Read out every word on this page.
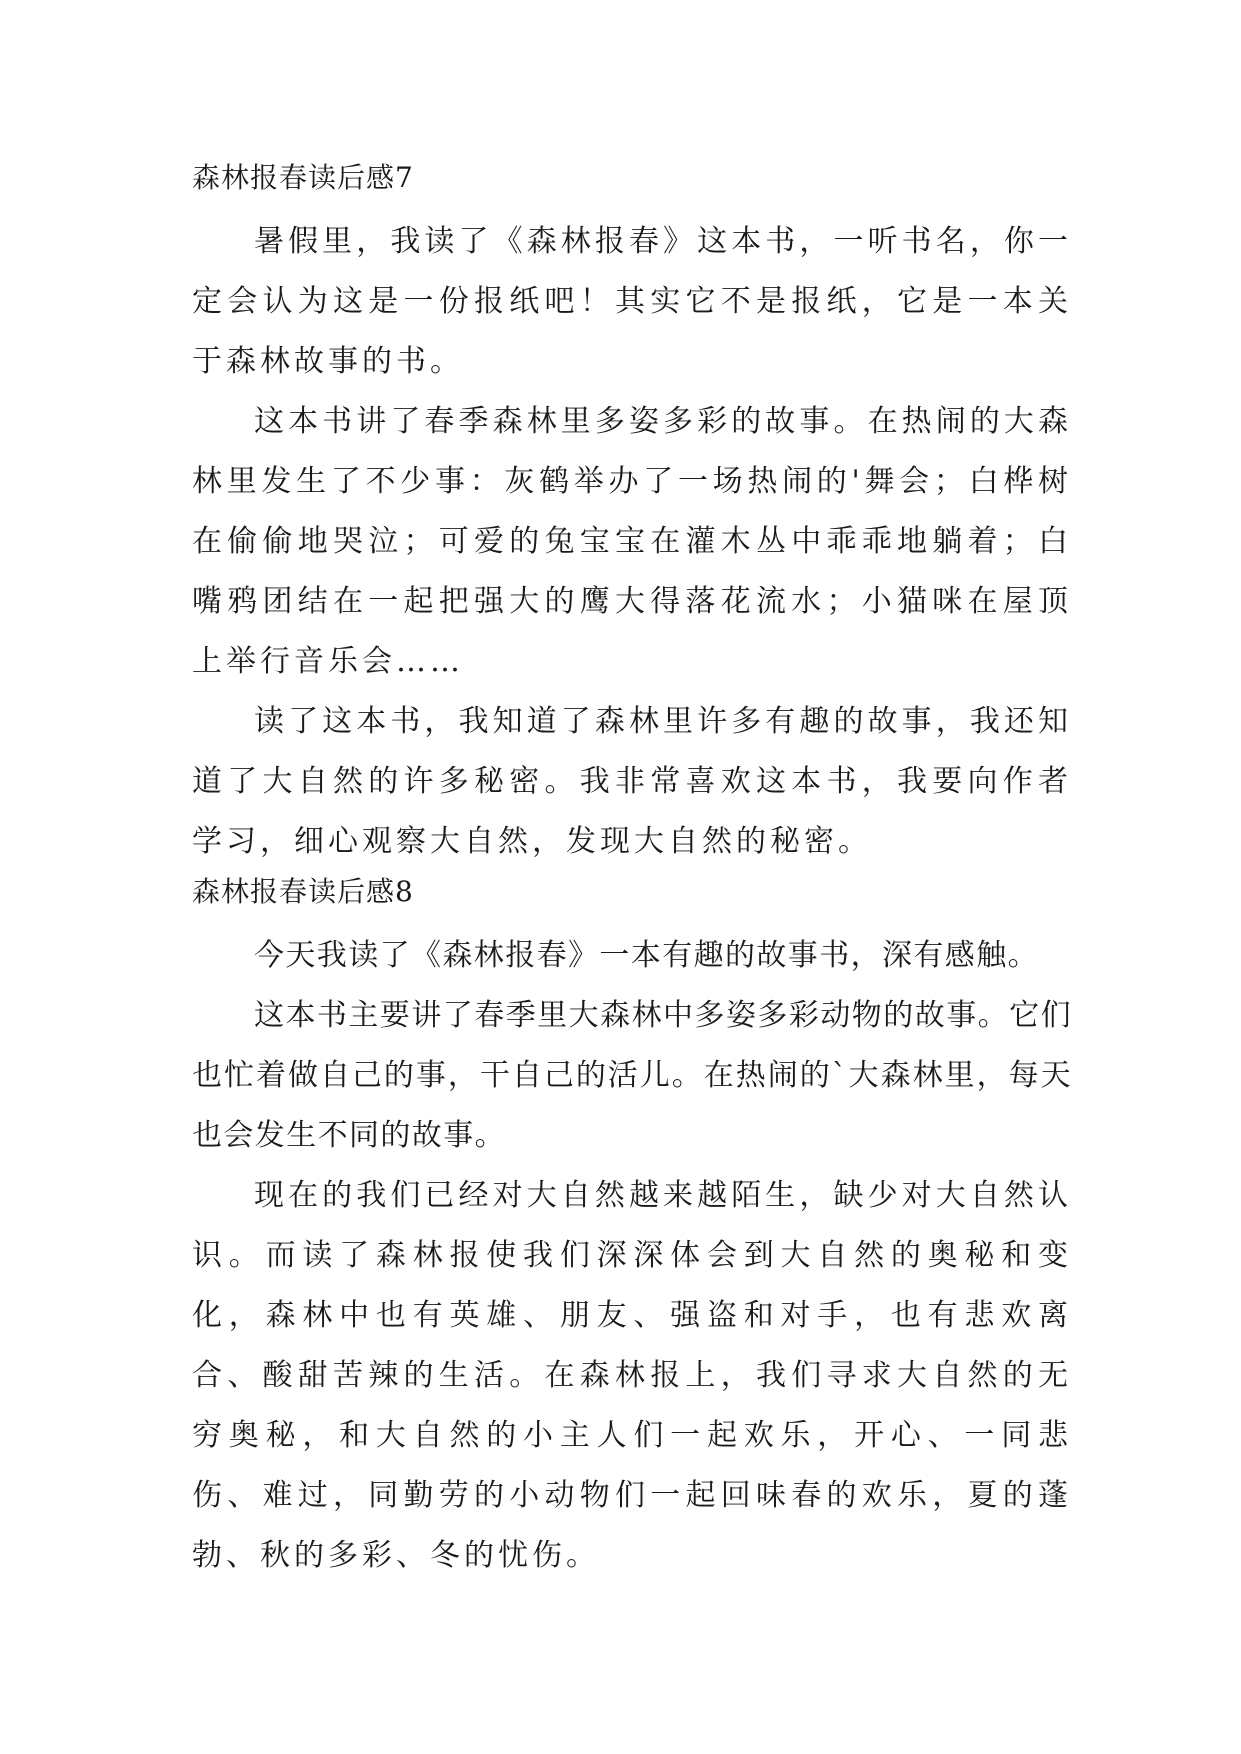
森林报春读后感7

暑假里，我读了《森林报春》这本书，一听书名，你一定会认为这是一份报纸吧！其实它不是报纸，它是一本关于森林故事的书。

这本书讲了春季森林里多姿多彩的故事。在热闹的大森林里发生了不少事：灰鹤举办了一场热闹的'舞会；白桦树在偷偷地哭泣；可爱的兔宝宝在灌木丛中乖乖地躺着；白嘴鸦团结在一起把强大的鹰大得落花流水；小猫咪在屋顶上举行音乐会……

读了这本书，我知道了森林里许多有趣的故事，我还知道了大自然的许多秘密。我非常喜欢这本书，我要向作者学习，细心观察大自然，发现大自然的秘密。

森林报春读后感8

今天我读了《森林报春》一本有趣的故事书，深有感触。

这本书主要讲了春季里大森林中多姿多彩动物的故事。它们也忙着做自己的事，干自己的活儿。在热闹的`大森林里，每天也会发生不同的故事。

现在的我们已经对大自然越来越陌生，缺少对大自然认识。而读了森林报使我们深深体会到大自然的奥秘和变化，森林中也有英雄、朋友、强盗和对手，也有悲欢离合、酸甜苦辣的生活。在森林报上，我们寻求大自然的无穷奥秘，和大自然的小主人们一起欢乐，开心、一同悲伤、难过，同勤劳的小动物们一起回味春的欢乐，夏的蓬勃、秋的多彩、冬的忧伤。
